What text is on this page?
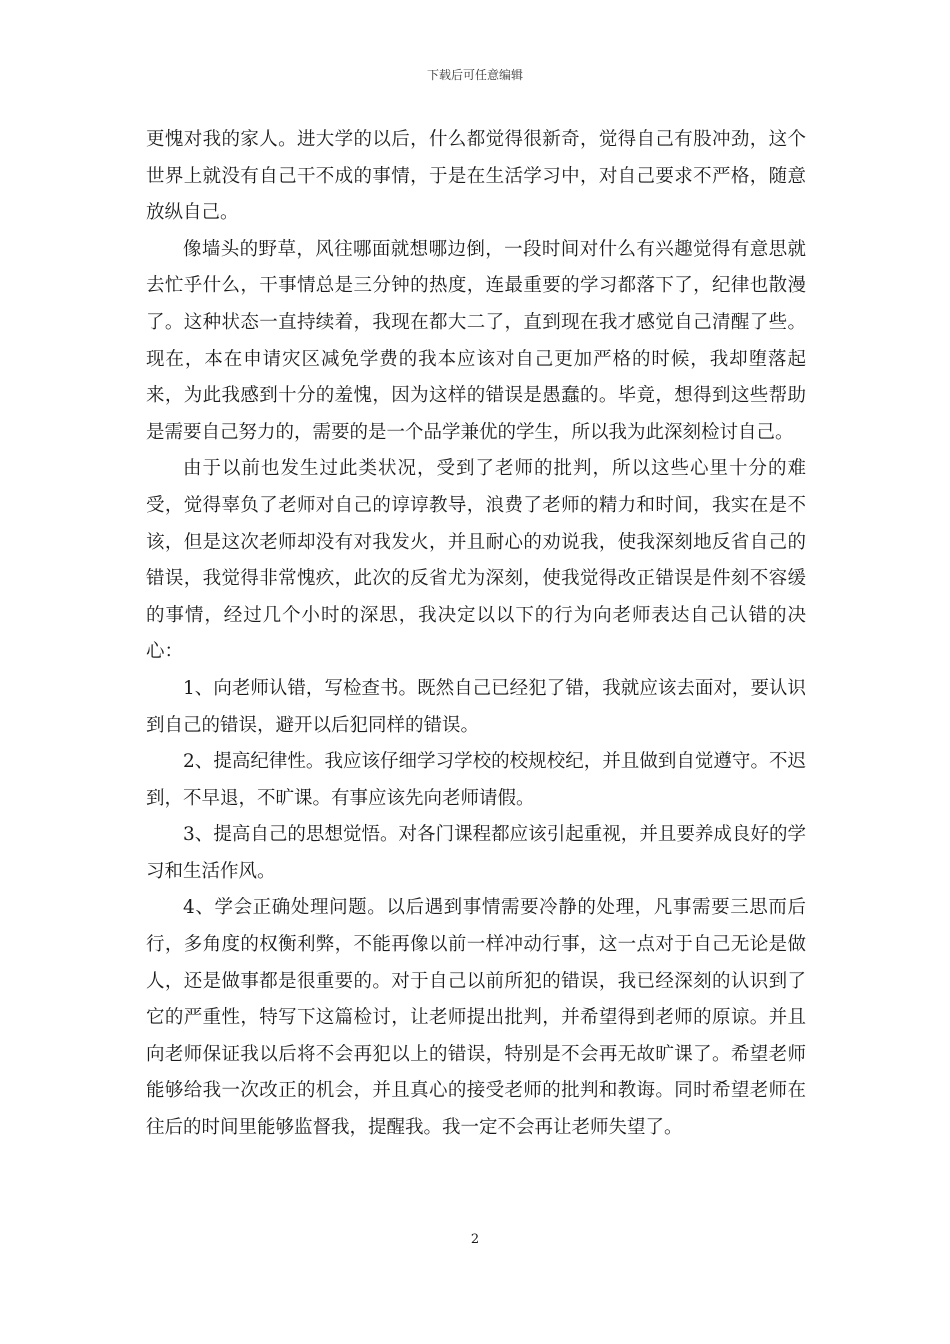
下载后可任意编辑

更愧对我的家人。进大学的以后，什么都觉得很新奇，觉得自己有股冲劲，这个世界上就没有自己干不成的事情，于是在生活学习中，对自己要求不严格，随意放纵自己。

像墙头的野草，风往哪面就想哪边倒，一段时间对什么有兴趣觉得有意思就去忙乎什么，干事情总是三分钟的热度，连最重要的学习都落下了，纪律也散漫了。这种状态一直持续着，我现在都大二了，直到现在我才感觉自己清醒了些。现在，本在申请灾区减免学费的我本应该对自己更加严格的时候，我却堕落起来，为此我感到十分的羞愧，因为这样的错误是愚蠢的。毕竟，想得到这些帮助是需要自己努力的，需要的是一个品学兼优的学生，所以我为此深刻检讨自己。

由于以前也发生过此类状况，受到了老师的批判，所以这些心里十分的难受，觉得辜负了老师对自己的谆谆教导，浪费了老师的精力和时间，我实在是不该，但是这次老师却没有对我发火，并且耐心的劝说我，使我深刻地反省自己的错误，我觉得非常愧疚，此次的反省尤为深刻，使我觉得改正错误是件刻不容缓的事情，经过几个小时的深思，我决定以以下的行为向老师表达自己认错的决心：

1、向老师认错，写检查书。既然自己已经犯了错，我就应该去面对，要认识到自己的错误，避开以后犯同样的错误。

2、提高纪律性。我应该仔细学习学校的校规校纪，并且做到自觉遵守。不迟到，不早退，不旷课。有事应该先向老师请假。

3、提高自己的思想觉悟。对各门课程都应该引起重视，并且要养成良好的学习和生活作风。

4、学会正确处理问题。以后遇到事情需要冷静的处理，凡事需要三思而后行，多角度的权衡利弊，不能再像以前一样冲动行事，这一点对于自己无论是做人，还是做事都是很重要的。对于自己以前所犯的错误，我已经深刻的认识到了它的严重性，特写下这篇检讨，让老师提出批判，并希望得到老师的原谅。并且向老师保证我以后将不会再犯以上的错误，特别是不会再无故旷课了。希望老师能够给我一次改正的机会，并且真心的接受老师的批判和教诲。同时希望老师在往后的时间里能够监督我，提醒我。我一定不会再让老师失望了。

2
